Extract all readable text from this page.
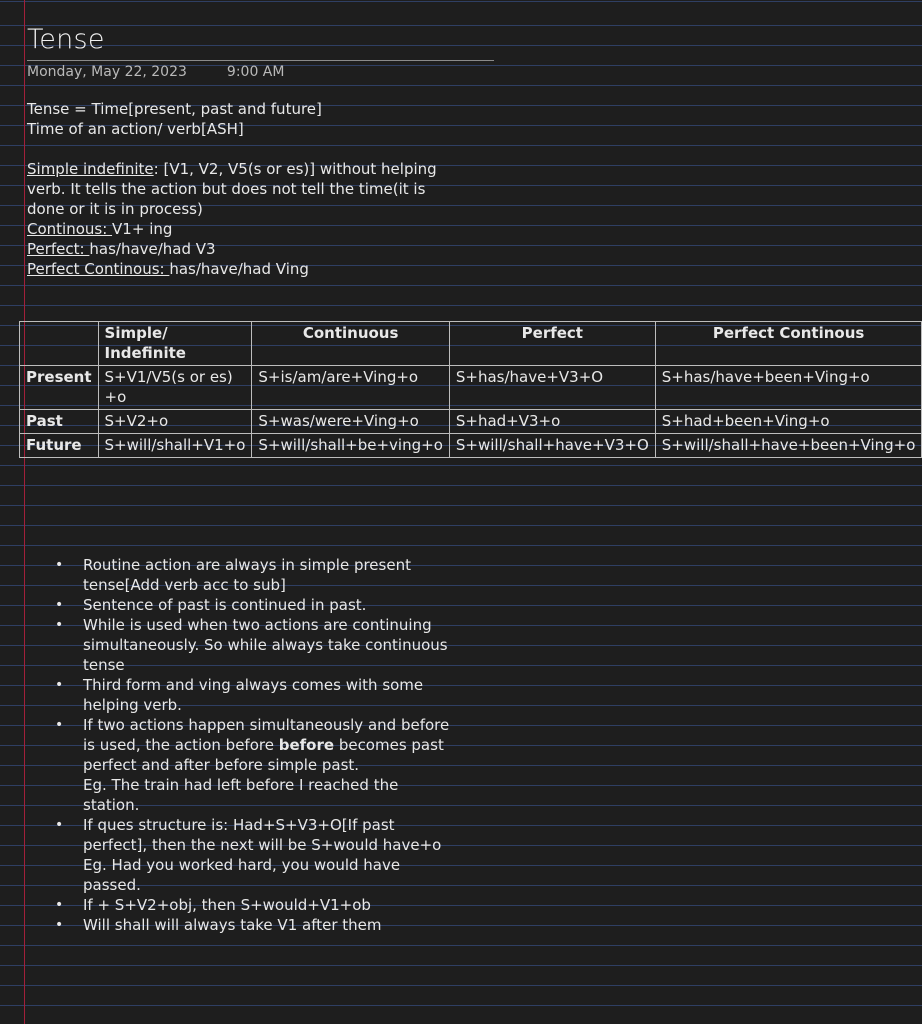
Tense
Monday, May 22, 2023	9:00 AM

Tense = Time[present, past and future]

Time of an action/ verb[ASH]

Simple indefinite: [V1, V2, V5(s or es)] without helping verb. It tells the action but does not tell the time(it is done or it is in process)

Continous: V1+ ing

Perfect: has/have/had V3

Perfect Continous: has/have/had Ving

	Simple/ Indefinite	Continuous	Perfect	Perfect Continous
Present	S+V1/V5(s or es) +o	S+is/am/are+Ving+o	S+has/have+V3+O	S+has/have+been+Ving+o
Past	S+V2+o	S+was/were+Ving+o	S+had+V3+o	S+had+been+Ving+o
Future	S+will/shall+V1+o	S+will/shall+be+ving+o	S+will/shall+have+V3+O	S+will/shall+have+been+Ving+o
• Routine action are always in simple present tense[Add verb acc to sub]
• Sentence of past is continued in past.
• While is used when two actions are continuing simultaneously. So while always take continuous tense
• Third form and ving always comes with some helping verb.
• If two actions happen simultaneously and before is used, the action before before becomes past perfect and after before simple past.
Eg. The train had left before I reached the station.
• If ques structure is: Had+S+V3+O[If past perfect], then the next will be S+would have+o
Eg. Had you worked hard, you would have passed.
• If + S+V2+obj, then S+would+V1+ob
• Will shall will always take V1 after them
